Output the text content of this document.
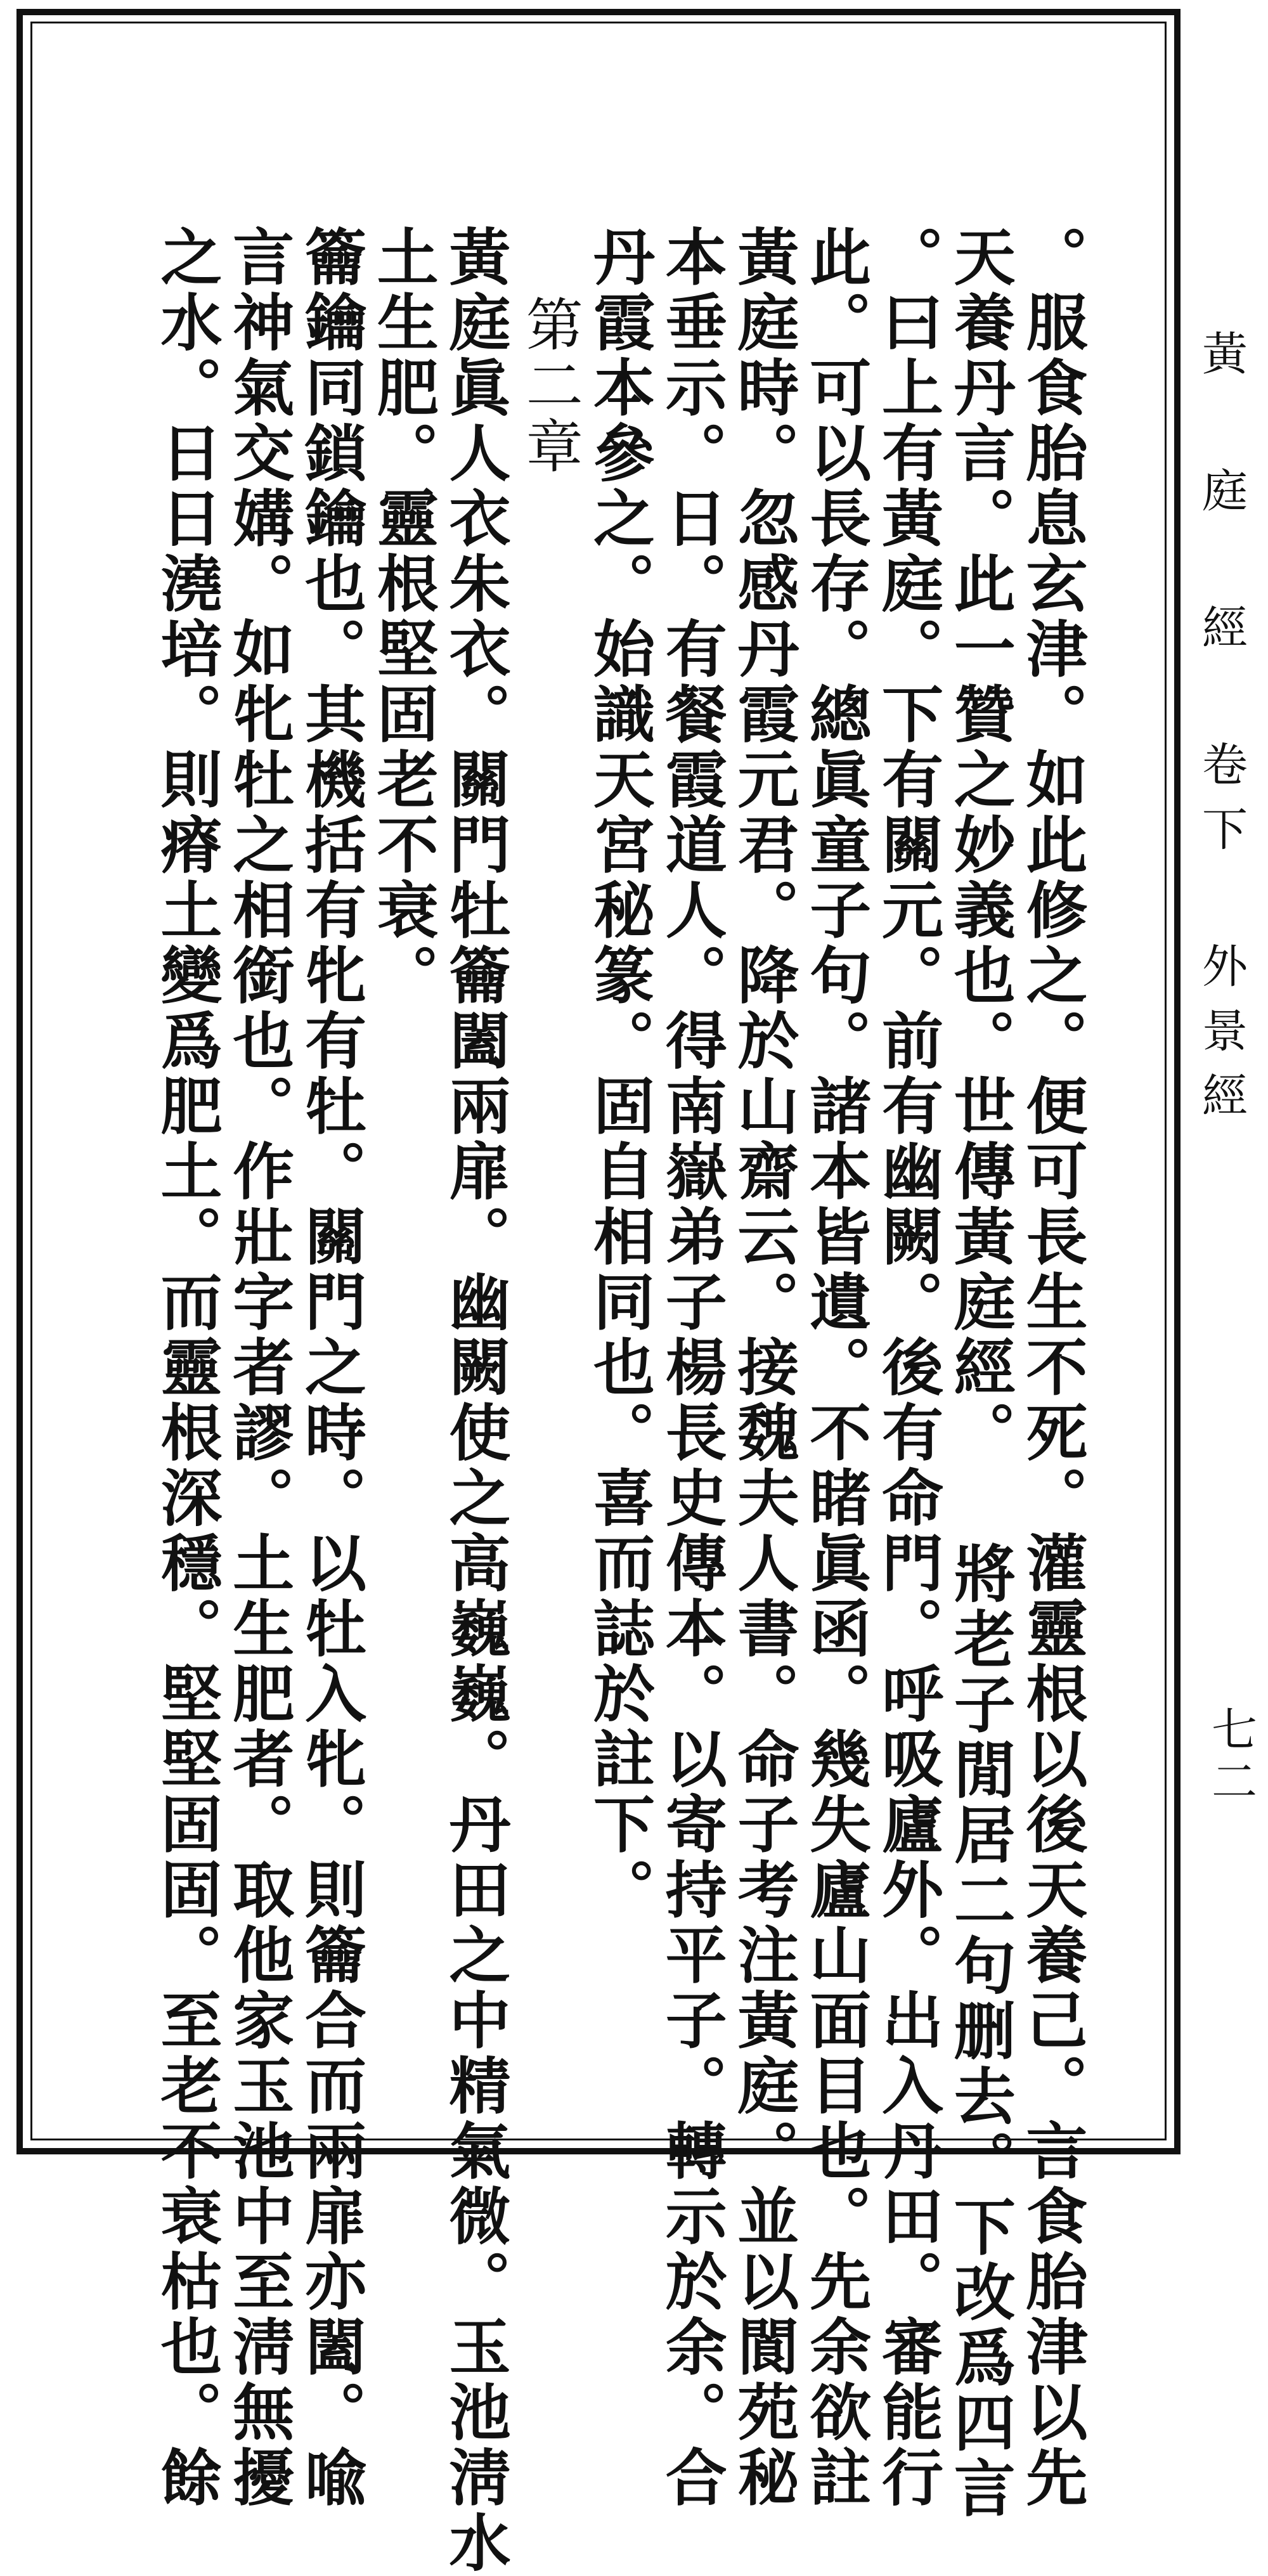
黃 庭 經 卷下 外景經
七二
。服食胎息玄津。如此修之。便可長生不死。灌靈根以後天養己。言食胎津以先
天養丹言。此一贊之妙義也。世傳黃庭經。 將老子閒居二句删去。下改爲四言
。曰上有黃庭。下有關元。前有幽闕。後有命門。呼吸廬外。出入丹田。審能行
此。可以長存。總眞童子句。諸本皆遺。不睹眞函。幾失廬山面目也。先余欲註
黃庭時。忽感丹霞元君。降於山齋云。接魏夫人書。命子考注黃庭。並以閬苑秘
本垂示。日。有餐霞道人。得南嶽弟子楊長史傳本。以寄持平子。轉示於余。合
丹霞本參之。始識天宮秘篆。固自相同也。喜而誌於註下。
第二章
黃庭眞人衣朱衣。關門牡籥闔兩扉。幽闕使之高巍巍。丹田之中精氣微。玉池淸水
土生肥。靈根堅固老不衰。
籥鑰同鎖鑰也。其機括有牝有牡。關門之時。以牡入牝。則籥合而兩扉亦闔。喩
言神氣交媾。如牝牡之相銜也。作壯字者謬。土生肥者。取他家玉池中至淸無擾
之水。日日澆培。則瘠土變爲肥土。而靈根深穩。堅堅固固。至老不衰枯也。餘
